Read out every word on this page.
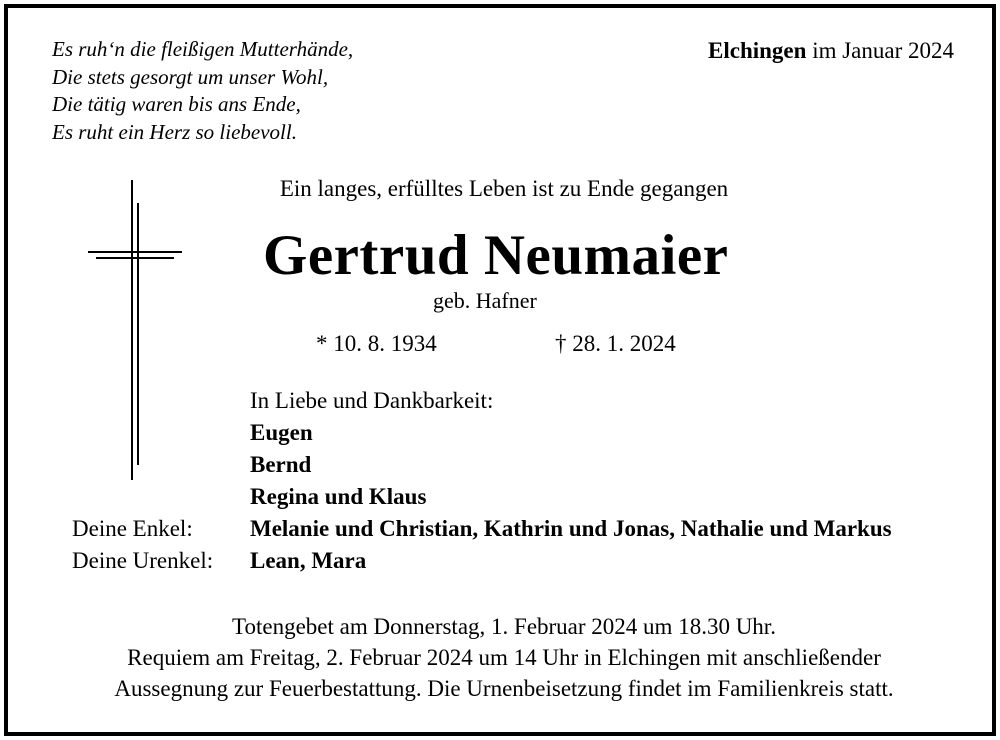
Es ruh‘n die fleißigen Mutterhände,
Die stets gesorgt um unser Wohl,
Die tätig waren bis ans Ende,
Es ruht ein Herz so liebevoll.
Elchingen im Januar 2024
Ein langes, erfülltes Leben ist zu Ende gegangen
Gertrud Neumaier
geb. Hafner
* 10. 8. 1934	† 28. 1. 2024
In Liebe und Dankbarkeit:
Eugen
Bernd
Regina und Klaus
Deine Enkel: Melanie und Christian, Kathrin und Jonas, Nathalie und Markus
Deine Urenkel: Lean, Mara
Totengebet am Donnerstag, 1. Februar 2024 um 18.30 Uhr.
Requiem am Freitag, 2. Februar 2024 um 14 Uhr in Elchingen mit anschließender
Aussegnung zur Feuerbestattung. Die Urnenbeisetzung findet im Familienkreis statt.
